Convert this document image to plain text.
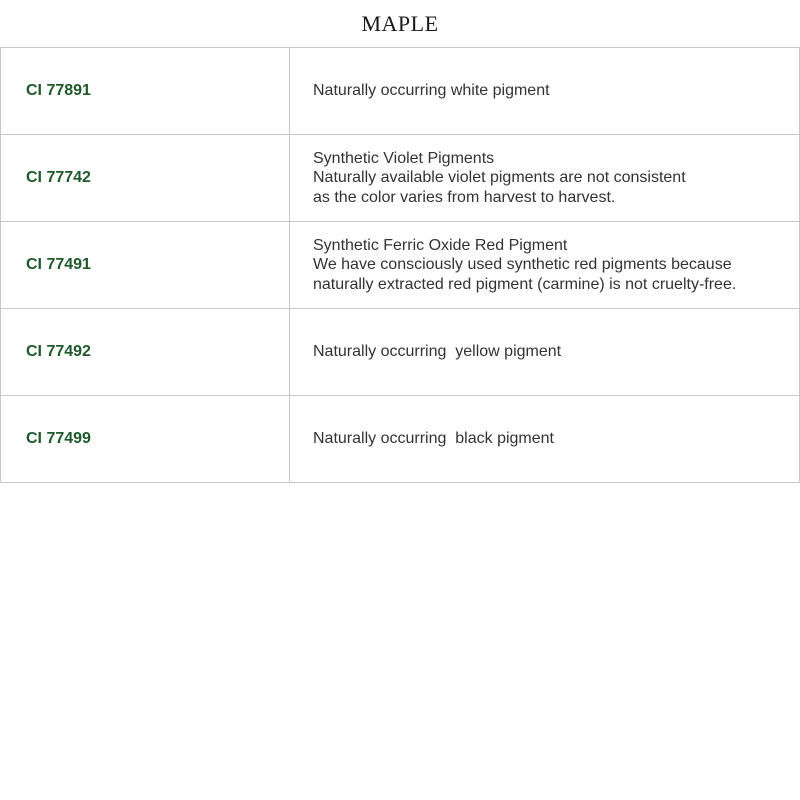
MAPLE
CI 77891	Naturally occurring white pigment

CI 77742	Synthetic Violet Pigments
Naturally available violet pigments are not consistent
as the color varies from harvest to harvest.

CI 77491	Synthetic Ferric Oxide Red Pigment
We have consciously used synthetic red pigments because
naturally extracted red pigment (carmine) is not cruelty-free.

CI 77492	Naturally occurring  yellow pigment

CI 77499	Naturally occurring  black pigment
